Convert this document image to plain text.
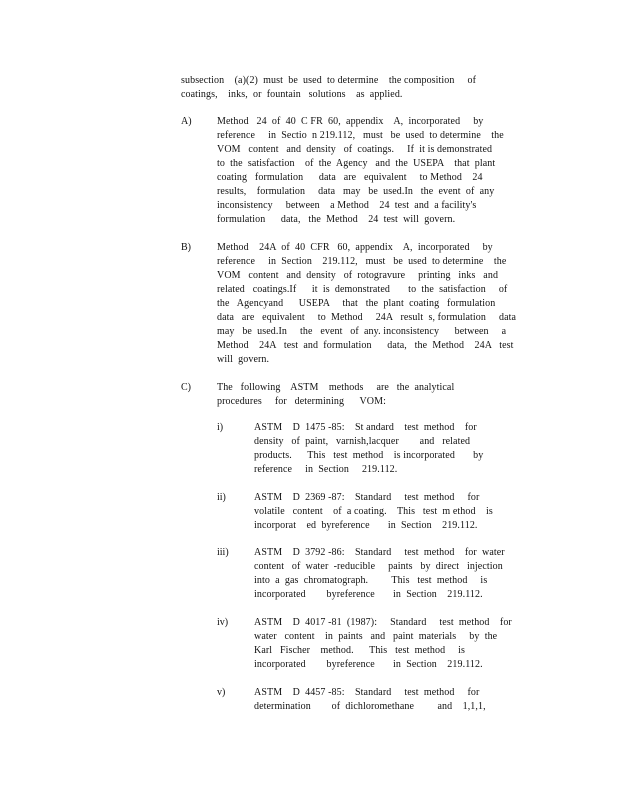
subsection    (a)(2)  must  be  used  to determine    the composition     of
coatings,    inks,  or  fountain   solutions    as  applied.
A)	Method   24  of  40  C FR  60,  appendix    A,  incorporated     by
reference     in  Sectio  n 219.112,   must   be  used  to determine    the
VOM   content   and  density   of  coatings.     If  it is demonstrated
to  the  satisfaction    of  the  Agency   and  the  USEPA    that  plant
coating   formulation      data   are   equivalent     to Method    24
results,    formulation     data   may   be  used.In   the  event  of  any
inconsistency     between    a Method    24  test  and  a facility's
formulation      data,   the  Method    24  test  will  govern.
B)	Method    24A  of  40  CFR   60,  appendix    A,  incorporated     by
reference     in  Section    219.112,   must   be  used  to determine    the
VOM   content   and  density   of  rotogravure     printing   inks   and
related   coatings.If      it  is  demonstrated       to  the  satisfaction     of
the   Agencyand      USEPA     that   the  plant  coating   formulation
data   are   equivalent     to  Method     24A   result  s, formulation     data
may   be  used.In     the   event   of  any. inconsistency      between     a
Method    24A   test  and  formulation      data,   the  Method    24A   test
will  govern.
C)	The   following    ASTM    methods     are   the  analytical
procedures     for   determining      VOM:
i)	ASTM    D  1475 -85:    St andard    test  method    for
density   of  paint,   varnish,lacquer        and   related
products.      This   test  method    is incorporated       by
reference     in  Section     219.112.
ii)	ASTM    D  2369 -87:    Standard     test  method     for
volatile   content    of  a coating.    This   test  m ethod    is
incorporat    ed  byreference       in  Section    219.112.
iii)	ASTM    D  3792 -86:    Standard     test  method    for  water
content   of  water  -reducible     paints   by  direct   injection
into  a  gas  chromatograph.         This   test  method     is
incorporated        byreference       in  Section    219.112.
iv)	ASTM    D  4017 -81  (1987):     Standard     test  method    for
water   content    in  paints   and   paint  materials     by  the
Karl   Fischer    method.      This   test  method     is
incorporated        byreference       in  Section    219.112.
v)	ASTM    D  4457 -85:    Standard     test  method     for
determination        of  dichloromethane         and    1,1,1,
